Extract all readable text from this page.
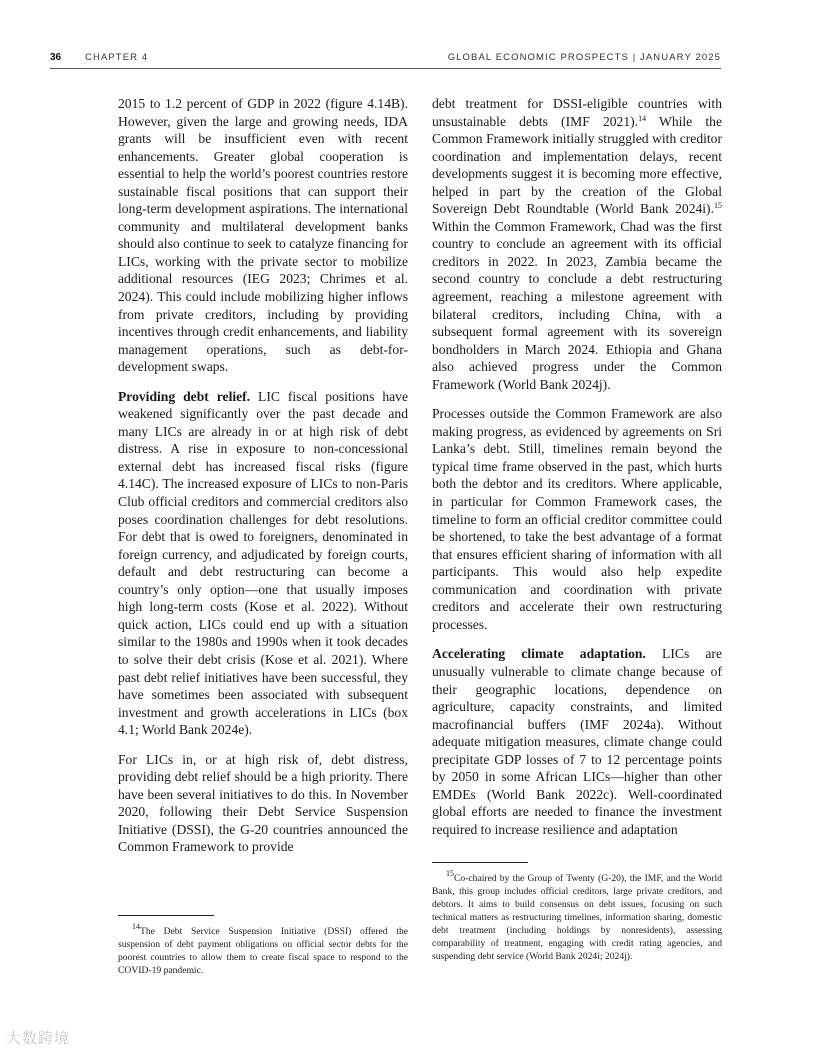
36	CHAPTER 4	GLOBAL ECONOMIC PROSPECTS | JANUARY 2025

2015 to 1.2 percent of GDP in 2022 (figure 4.14B). However, given the large and growing needs, IDA grants will be insufficient even with recent enhancements. Greater global cooperation is essential to help the world’s poorest countries restore sustainable fiscal positions that can support their long-term development aspirations. The international community and multilateral development banks should also continue to seek to catalyze financing for LICs, working with the private sector to mobilize additional resources (IEG 2023; Chrimes et al. 2024). This could include mobilizing higher inflows from private creditors, including by providing incentives through credit enhancements, and liability management operations, such as debt-for-development swaps.

Providing debt relief. LIC fiscal positions have weakened significantly over the past decade and many LICs are already in or at high risk of debt distress. A rise in exposure to non-concessional external debt has increased fiscal risks (figure 4.14C). The increased exposure of LICs to non-Paris Club official creditors and commercial creditors also poses coordination challenges for debt resolutions. For debt that is owed to foreigners, denominated in foreign currency, and adjudicated by foreign courts, default and debt restructuring can become a country’s only option—one that usually imposes high long-term costs (Kose et al. 2022). Without quick action, LICs could end up with a situation similar to the 1980s and 1990s when it took decades to solve their debt crisis (Kose et al. 2021). Where past debt relief initiatives have been successful, they have sometimes been associated with subsequent investment and growth accelerations in LICs (box 4.1; World Bank 2024e).

For LICs in, or at high risk of, debt distress, providing debt relief should be a high priority. There have been several initiatives to do this. In November 2020, following their Debt Service Suspension Initiative (DSSI), the G-20 countries announced the Common Framework to provide

debt treatment for DSSI-eligible countries with unsustainable debts (IMF 2021).$^{14}$ While the Common Framework initially struggled with creditor coordination and implementation delays, recent developments suggest it is becoming more effective, helped in part by the creation of the Global Sovereign Debt Roundtable (World Bank 2024i).$^{15}$ Within the Common Framework, Chad was the first country to conclude an agreement with its official creditors in 2022. In 2023, Zambia became the second country to conclude a debt restructuring agreement, reaching a milestone agreement with bilateral creditors, including China, with a subsequent formal agreement with its sovereign bondholders in March 2024. Ethiopia and Ghana also achieved progress under the Common Framework (World Bank 2024j).

Processes outside the Common Framework are also making progress, as evidenced by agreements on Sri Lanka’s debt. Still, timelines remain beyond the typical time frame observed in the past, which hurts both the debtor and its creditors. Where applicable, in particular for Common Framework cases, the timeline to form an official creditor committee could be shortened, to take the best advantage of a format that ensures efficient sharing of information with all participants. This would also help expedite communication and coordination with private creditors and accelerate their own restructuring processes.

Accelerating climate adaptation. LICs are unusually vulnerable to climate change because of their geographic locations, dependence on agriculture, capacity constraints, and limited macrofinancial buffers (IMF 2024a). Without adequate mitigation measures, climate change could precipitate GDP losses of 7 to 12 percentage points by 2050 in some African LICs—higher than other EMDEs (World Bank 2022c). Well-coordinated global efforts are needed to finance the investment required to increase resilience and adaptation

$^{14}$The Debt Service Suspension Initiative (DSSI) offered the suspension of debt payment obligations on official sector debts for the poorest countries to allow them to create fiscal space to respond to the COVID-19 pandemic.

$^{15}$Co-chaired by the Group of Twenty (G-20), the IMF, and the World Bank, this group includes official creditors, large private creditors, and debtors. It aims to build consensus on debt issues, focusing on such technical matters as restructuring timelines, information sharing, domestic debt treatment (including holdings by nonresidents), assessing comparability of treatment, engaging with credit rating agencies, and suspending debt service (World Bank 2024i; 2024j).

大数跨境
